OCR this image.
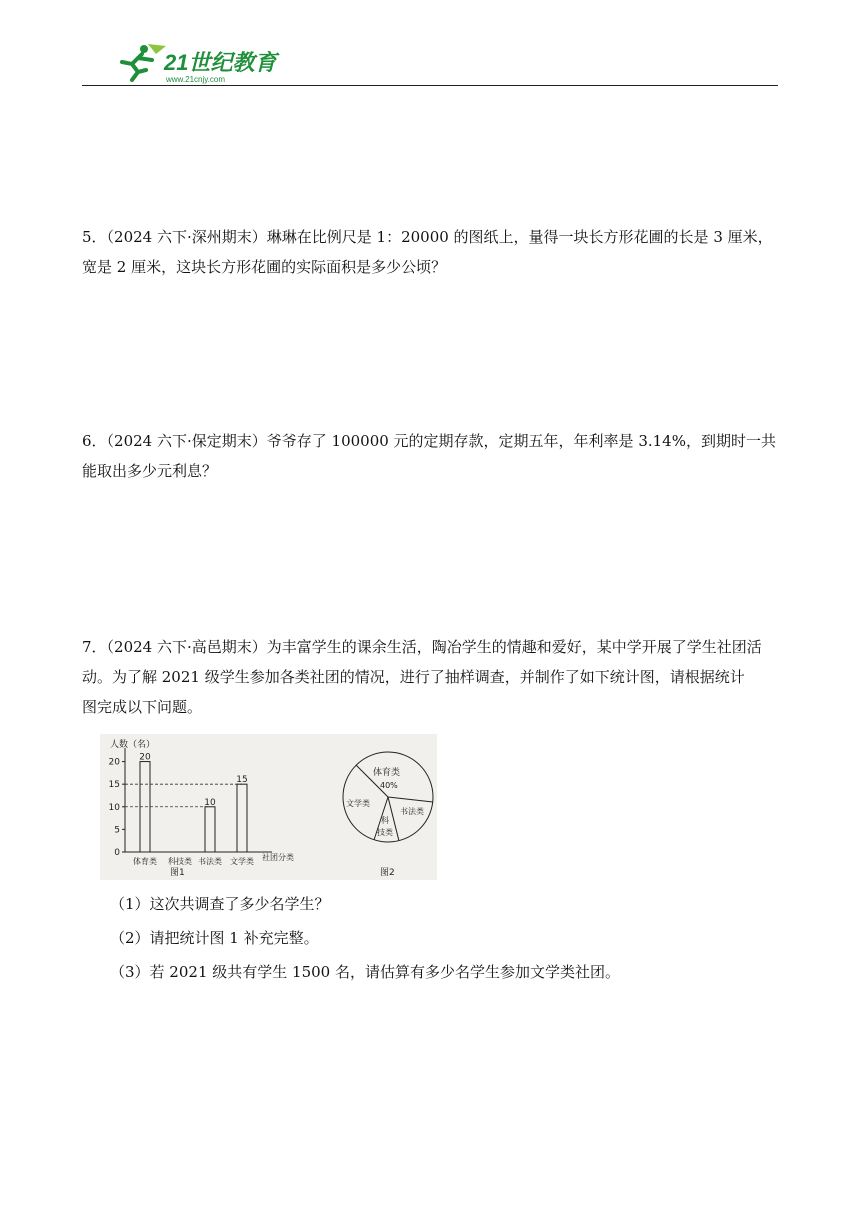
21世纪教育
www.21cnjy.com

5．（2024 六下·深州期末）琳琳在比例尺是 1：20000 的图纸上，量得一块长方形花圃的长是 3 厘米，

宽是 2 厘米，这块长方形花圃的实际面积是多少公顷？

6．（2024 六下·保定期末）爷爷存了 100000 元的定期存款，定期五年，年利率是 3.14%，到期时一共

能取出多少元利息？

7．（2024 六下·高邑期末）为丰富学生的课余生活，陶冶学生的情趣和爱好，某中学开展了学生社团活

动。为了解 2021 级学生参加各类社团的情况，进行了抽样调查，并制作了如下统计图，请根据统计

图完成以下问题。

人数（名）
社团分类
0
5
10
15
20 20
体育类 科技类
10
书法类
15
文学类
图1
体育类
40%
文学类
书法类
科
技类
图2
（1）这次共调查了多少名学生？
（2）请把统计图 1 补充完整。
（3）若 2021 级共有学生 1500 名，请估算有多少名学生参加文学类社团。
